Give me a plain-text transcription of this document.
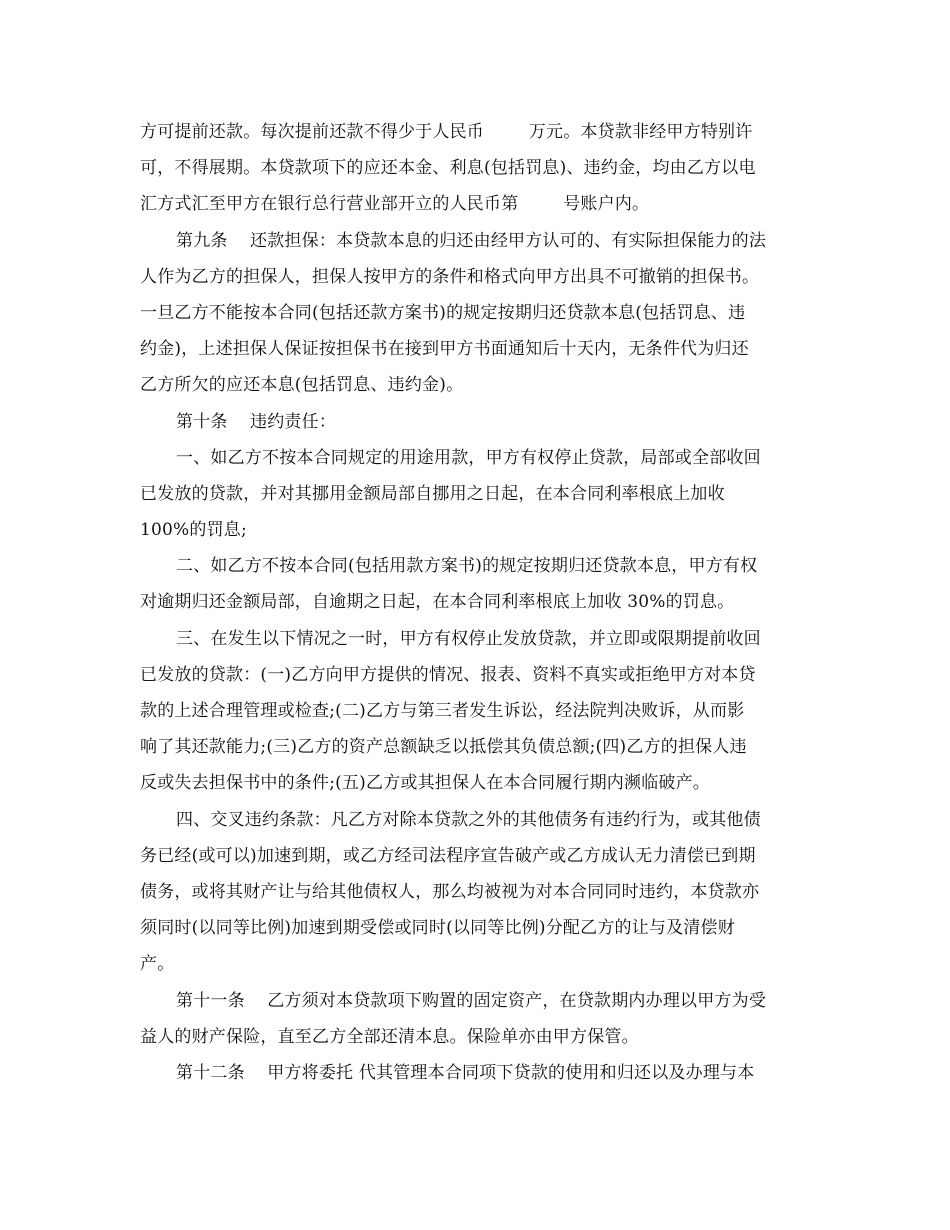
方可提前还款。每次提前还款不得少于人民币        万元。本贷款非经甲方特别许
可，不得展期。本贷款项下的应还本金、利息(包括罚息)、违约金，均由乙方以电
汇方式汇至甲方在银行总行营业部开立的人民币第        号账户内。
第九条    还款担保：本贷款本息的归还由经甲方认可的、有实际担保能力的法
人作为乙方的担保人，担保人按甲方的条件和格式向甲方出具不可撤销的担保书。
一旦乙方不能按本合同(包括还款方案书)的规定按期归还贷款本息(包括罚息、违
约金)，上述担保人保证按担保书在接到甲方书面通知后十天内，无条件代为归还
乙方所欠的应还本息(包括罚息、违约金)。
第十条    违约责任：
一、如乙方不按本合同规定的用途用款，甲方有权停止贷款，局部或全部收回
已发放的贷款，并对其挪用金额局部自挪用之日起，在本合同利率根底上加收
100%的罚息;
二、如乙方不按本合同(包括用款方案书)的规定按期归还贷款本息，甲方有权
对逾期归还金额局部，自逾期之日起，在本合同利率根底上加收 30%的罚息。
三、在发生以下情况之一时，甲方有权停止发放贷款，并立即或限期提前收回
已发放的贷款：(一)乙方向甲方提供的情况、报表、资料不真实或拒绝甲方对本贷
款的上述合理管理或检查;(二)乙方与第三者发生诉讼，经法院判决败诉，从而影
响了其还款能力;(三)乙方的资产总额缺乏以抵偿其负债总额;(四)乙方的担保人违
反或失去担保书中的条件;(五)乙方或其担保人在本合同履行期内濒临破产。
四、交叉违约条款：凡乙方对除本贷款之外的其他债务有违约行为，或其他债
务已经(或可以)加速到期，或乙方经司法程序宣告破产或乙方成认无力清偿已到期
债务，或将其财产让与给其他债权人，那么均被视为对本合同同时违约，本贷款亦
须同时(以同等比例)加速到期受偿或同时(以同等比例)分配乙方的让与及清偿财
产。
第十一条    乙方须对本贷款项下购置的固定资产，在贷款期内办理以甲方为受
益人的财产保险，直至乙方全部还清本息。保险单亦由甲方保管。
第十二条    甲方将委托 代其管理本合同项下贷款的使用和归还以及办理与本
